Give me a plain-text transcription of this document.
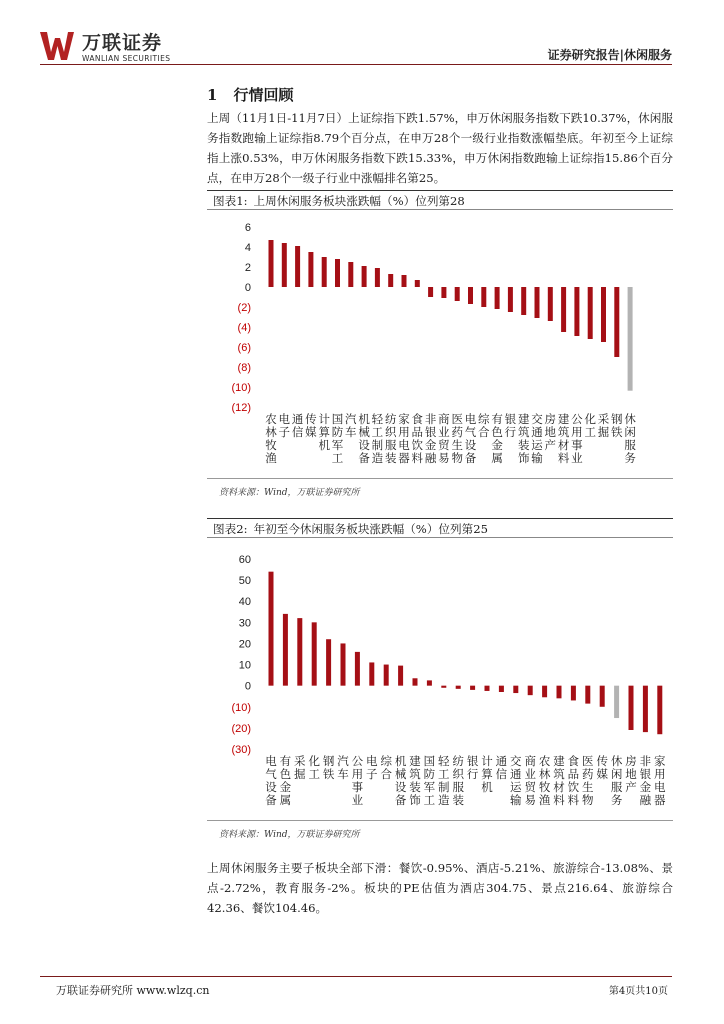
万联证券
WANLIAN SECURITIES	证券研究报告|休闲服务
1 行情回顾
上周（11月1日-11月7日）上证综指下跌1.57%，申万休闲服务指数下跌10.37%，休闲服务指数跑输上证综指8.79个百分点，在申万28个一级行业指数涨幅垫底。年初至今上证综指上涨0.53%，申万休闲服务指数下跌15.33%，申万休闲指数跑输上证综指15.86个百分点，在申万28个一级子行业中涨幅排名第25。
图表1: 上周休闲服务板块涨跌幅（%）位列第28
6
4
2
0
(2)
(4)
(6)
(8)
(10)
(12)
农林牧渔
电子
通信
传媒
计算机
国防军工
汽车
机械设备
轻工制造
纺织服装
家用电器
食品饮料
非银金融
商业贸易
医药生物
电气设备
综合
有色金属
银行
建筑装饰
交通运输
房地产
建筑材料
公用事业
化工
采掘
钢铁
休闲服务
资料来源：Wind，万联证券研究所
图表2: 年初至今休闲服务板块涨跌幅（%）位列第25
60
50
40
30
20
10
0
(10)
(20)
(30)
电气设备
有色金属
采掘
化工
钢铁
汽车
公用事业
电子
综合
机械设备
建筑装饰
国防军工
轻工制造
纺织服装
银行
计算机
通信
交通运输
商业贸易
农林牧渔
建筑材料
食品饮料
医药生物
传媒
休闲服务
房地产
非银金融
家用电器
资料来源：Wind，万联证券研究所
上周休闲服务主要子板块全部下滑：餐饮-0.95%、酒店-5.21%、旅游综合-13.08%、景点-2.72%，教育服务-2%。板块的PE估值为酒店304.75、景点216.64、旅游综合42.36、餐饮104.46。
万联证券研究所 www.wlzq.cn	第4页共10页
